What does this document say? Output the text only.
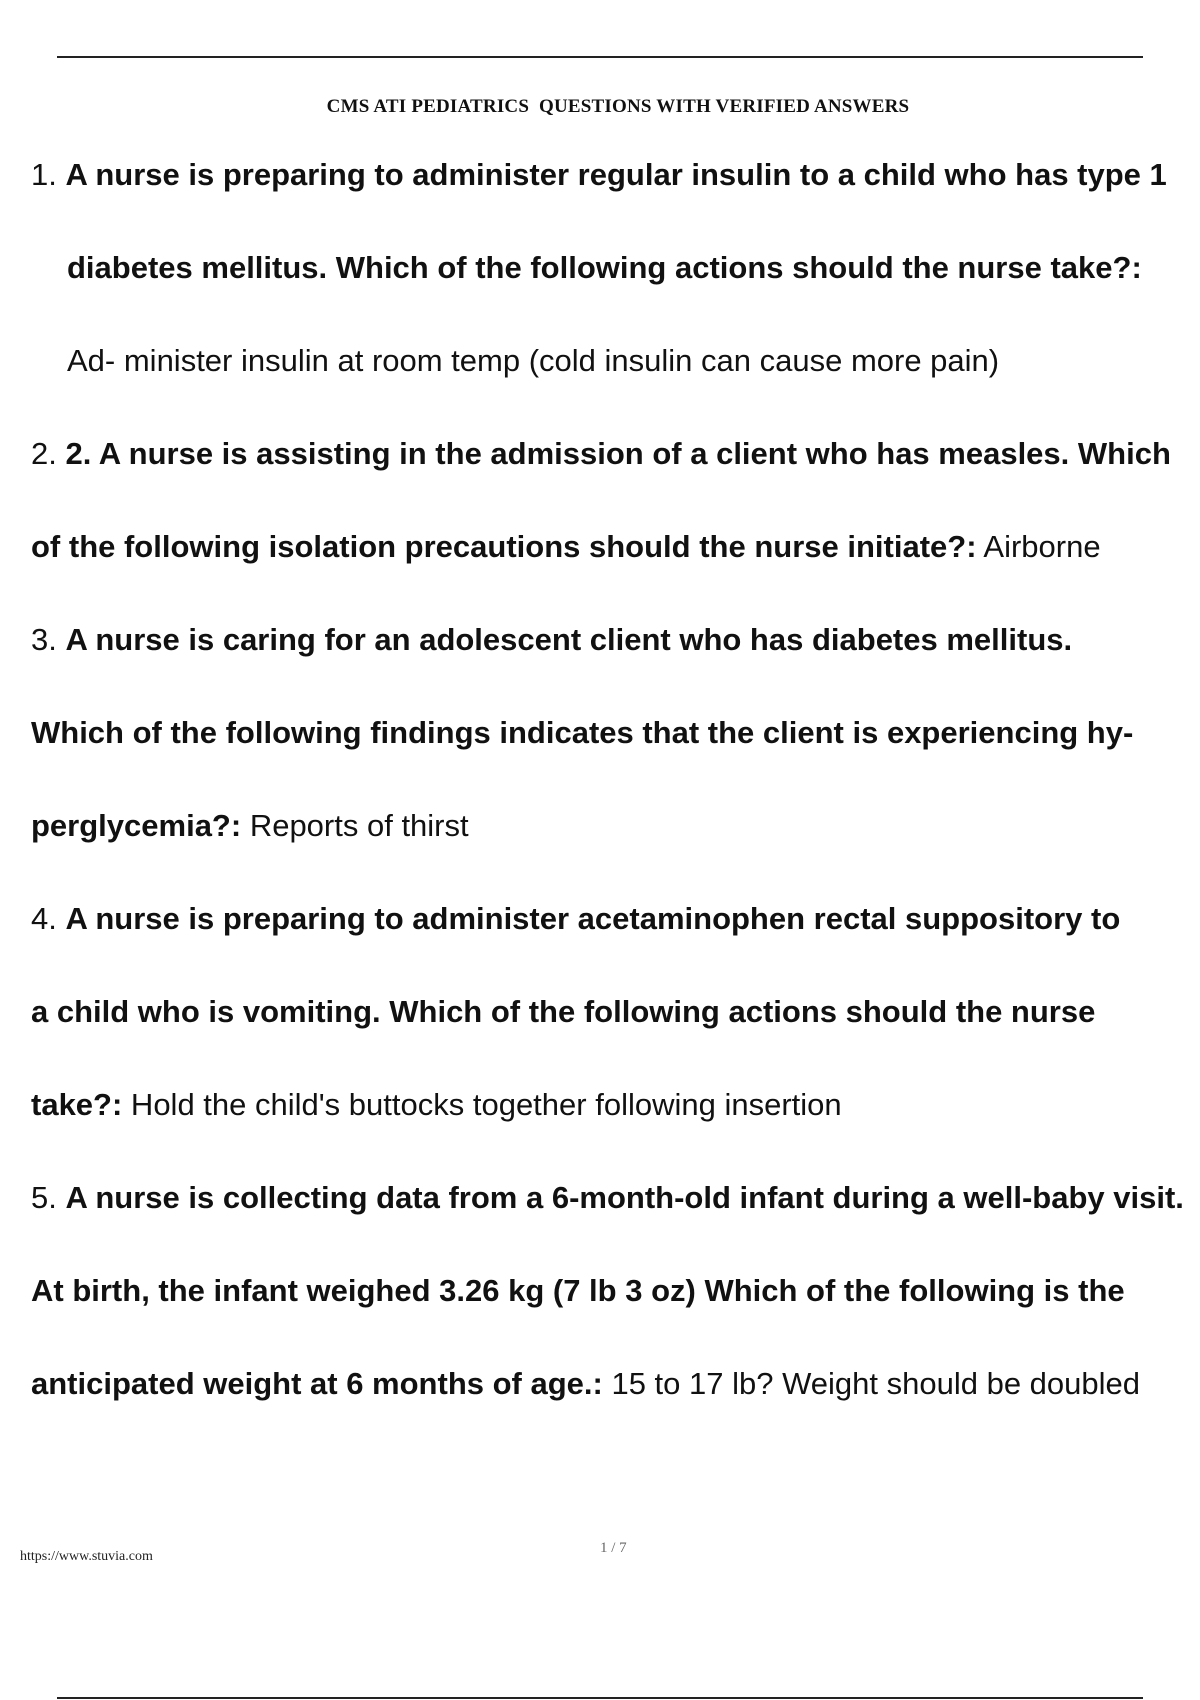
CMS ATI PEDIATRICS  QUESTIONS WITH VERIFIED ANSWERS
1. A nurse is preparing to administer regular insulin to a child who has type 1
diabetes mellitus. Which of the following actions should the nurse take?:
Ad- minister insulin at room temp (cold insulin can cause more pain)
2. 2. A nurse is assisting in the admission of a client who has measles. Which
of the following isolation precautions should the nurse initiate?: Airborne
3. A nurse is caring for an adolescent client who has diabetes mellitus.
Which of the following findings indicates that the client is experiencing hy-
perglycemia?: Reports of thirst
4. A nurse is preparing to administer acetaminophen rectal suppository to
a child who is vomiting. Which of the following actions should the nurse
take?: Hold the child's buttocks together following insertion
5. A nurse is collecting data from a 6-month-old infant during a well-baby visit.
At birth, the infant weighed 3.26 kg (7 lb 3 oz) Which of the following is the
anticipated weight at 6 months of age.: 15 to 17 lb? Weight should be doubled
https://www.stuvia.com
1 / 7
